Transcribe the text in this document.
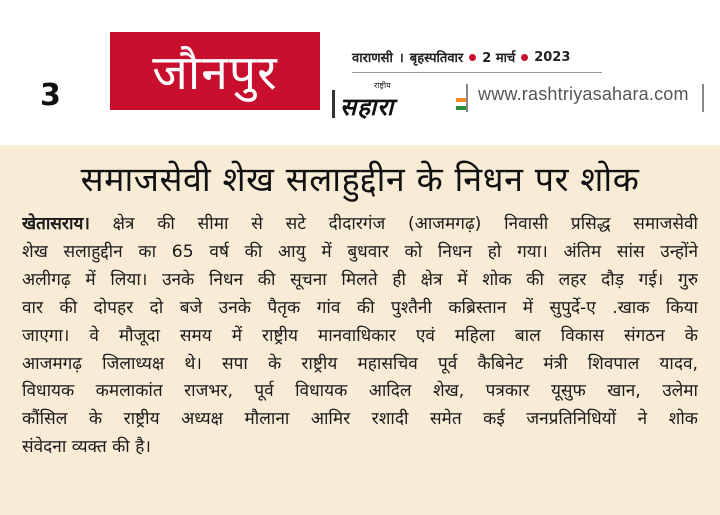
3	जौनपुर	वाराणसी । बृहस्पतिवार 2 मार्च 2023
राष्ट्रीय
सहारा	www.rashtriyasahara.com
समाजसेवी शेख सलाहुद्दीन के निधन पर शोक
खेतासराय। क्षेत्र की सीमा से सटे दीदारगंज (आजमगढ़) निवासी प्रसिद्ध समाजसेवी
शेख सलाहुद्दीन का 65 वर्ष की आयु में बुधवार को निधन हो गया। अंतिम सांस उन्होंने
अलीगढ़ में लिया। उनके निधन की सूचना मिलते ही क्षेत्र में शोक की लहर दौड़ गई। गुरु
वार की दोपहर दो बजे उनके पैतृक गांव की पुश्तैनी कब्रिस्तान में सुपुर्दे-ए .खाक किया
जाएगा। वे मौजूदा समय में राष्ट्रीय मानवाधिकार एवं महिला बाल विकास संगठन के
आजमगढ़ जिलाध्यक्ष थे। सपा के राष्ट्रीय महासचिव पूर्व कैबिनेट मंत्री शिवपाल यादव,
विधायक कमलाकांत राजभर, पूर्व विधायक आदिल शेख, पत्रकार यूसुफ खान, उलेमा
कौंसिल के राष्ट्रीय अध्यक्ष मौलाना आमिर रशादी समेत कई जनप्रतिनिधियों ने शोक
संवेदना व्यक्त की है।
